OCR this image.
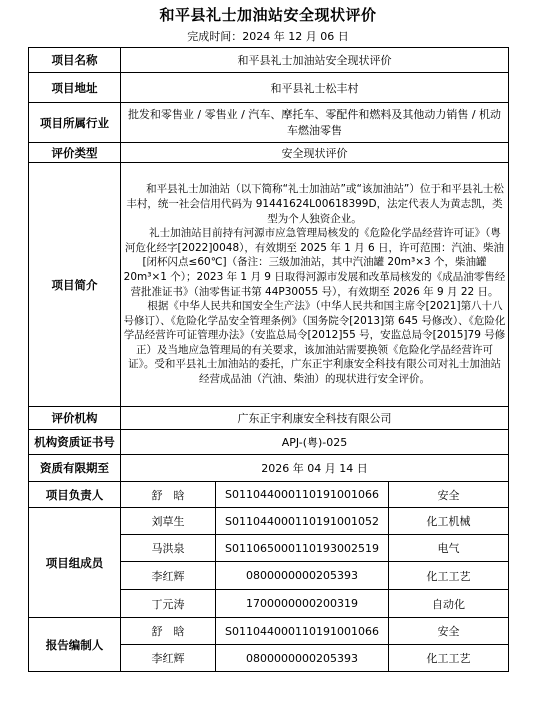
和平县礼士加油站安全现状评价
完成时间：2024 年 12 月 06 日
项目名称	和平县礼士加油站安全现状评价		
项目地址	和平县礼士松丰村		
项目所属行业	批发和零售业 / 零售业 / 汽车、摩托车、零配件和燃料及其他动力销售 / 机动车燃油零售		
评价类型	安全现状评价		
项目简介	和平县礼士加油站（以下简称“礼士加油站”或“该加油站”）位于和平县礼士松丰村，统一社会信用代码为 91441624L00618399D，法定代表人为黄志凯，类型为个人独资企业。

礼士加油站目前持有河源市应急管理局核发的《危险化学品经营许可证》（粤河危化经字[2022]0048），有效期至 2025 年 1 月 6 日，许可范围：汽油、柴油[闭杯闪点≤60℃]（备注：三级加油站，其中汽油罐 20m³×3 个，柴油罐 20m³×1 个）；2023 年 1 月 9 日取得河源市发展和改革局核发的《成品油零售经营批准证书》（油零售证书第 44P30055 号），有效期至 2026 年 9 月 22 日。

根据《中华人民共和国安全生产法》（中华人民共和国主席令[2021]第八十八号修订）、《危险化学品安全管理条例》（国务院令[2013]第 645 号修改）、《危险化学品经营许可证管理办法》（安监总局令[2012]55 号，安监总局令[2015]79 号修正）及当地应急管理局的有关要求，该加油站需要换领《危险化学品经营许可证》。受和平县礼士加油站的委托，广东正宇利康安全科技有限公司对礼士加油站经营成品油（汽油、柴油）的现状进行安全评价。		

评价机构	广东正宇利康安全科技有限公司		
机构资质证书号	APJ-(粤)-025		
资质有限期至	2026 年 04 月 14 日		
项目负责人	舒　晗	S011044000110191001066	安全
项目组成员	刘草生	S011044000110191001052	化工机械
	马洪泉	S011065000110193002519	电气
	李红辉	0800000000205393	化工工艺
	丁元涛	1700000000200319	自动化
报告编制人	舒　晗	S011044000110191001066	安全
	李红辉	0800000000205393	化工工艺
